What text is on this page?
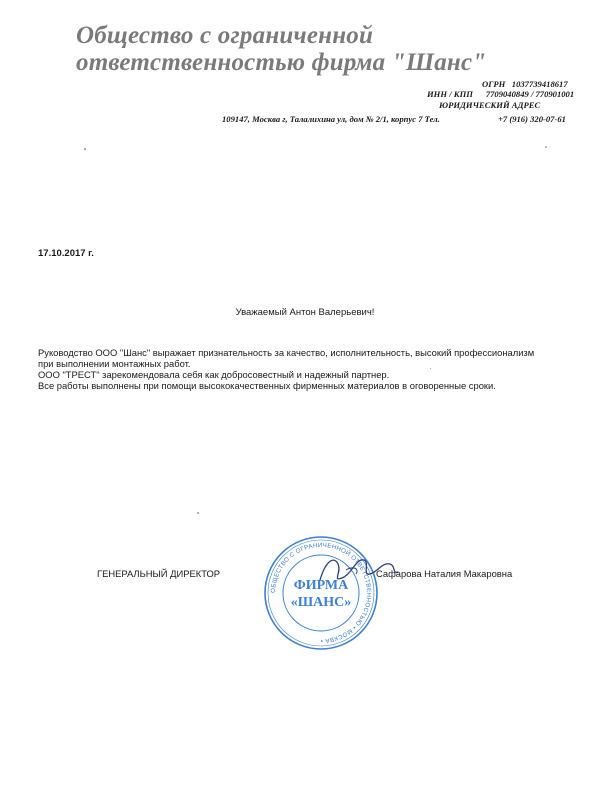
Общество с ограниченной
ответственностью фирма "Шанс"
ОГРН   1037739418617
ИНН / КПП      7709040849 / 770901001
ЮРИДИЧЕСКИЙ АДРЕС
109147, Москва г, Талалихина ул, дом № 2/1, корпус 7 Тел.	+7 (916) 320-07-61
17.10.2017 г.
Уважаемый Антон Валерьевич!
Руководство ООО "Шанс" выражает признательность за качество, исполнительность, высокий профессионализм
при выполнении монтажных работ.
ООО "ТРЕСТ" зарекомендовала себя как добросовестный и надежный партнер.
Все работы выполнены при помощи высококачественных фирменных материалов в оговоренные сроки.
ГЕНЕРАЛЬНЫЙ ДИРЕКТОР
ОБЩЕСТВО С ОГРАНИЧЕННОЙ ОТВЕТСТВЕННОСТЬЮ • МОСКВА •
ФИРМА
«ШАНС»
Сафарова Наталия Макаровна
